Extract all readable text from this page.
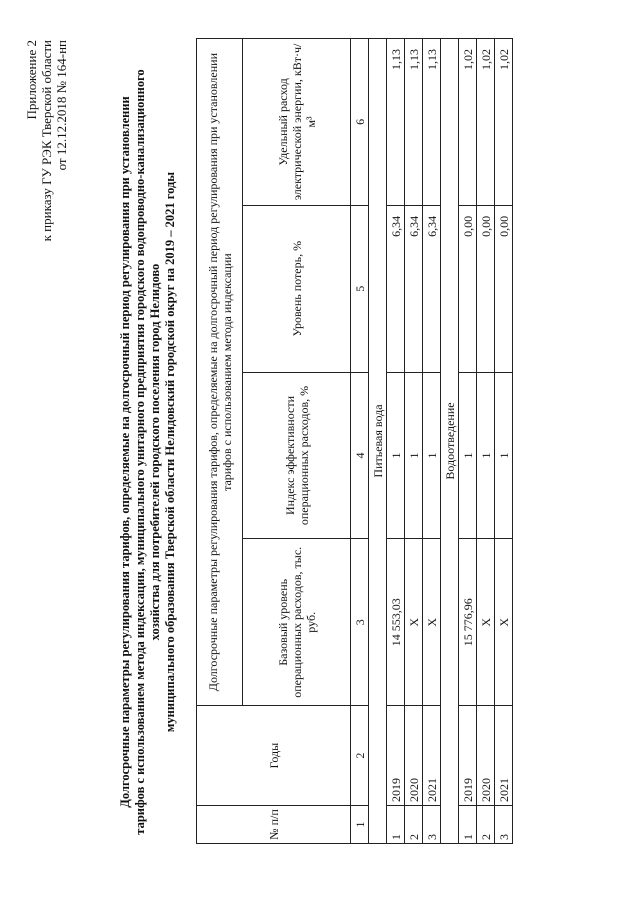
Приложение 2 к приказу ГУ РЭК Тверской области от 12.12.2018 № 164-нп	Долгосрочные параметры регулирования тарифов, определяемые на долгосрочный период регулирования при установлении тарифов с использованием метода индексации, муниципального унитарного предприятия городского водопроводно-канализационного хозяйства для потребителей городского поселения город Нелидово муниципального образования Тверской области Нелидовский городской округ на 2019 – 2021 годы
№ п/п	Годы	Долгосрочные параметры регулирования тарифов, определяемые на долгосрочный период регулирования при установлении тарифов с использованием метода индексации			
		Базовый уровень операционных расходов, тыс. руб.	Индекс эффективности операционных расходов, %	Уровень потерь, %	Удельный расход электрической энергии, кВт·ч/м³
1	2	3	4	5	6
Питьевая вода					
1	2019	14 553,03	1	6,34	1,13
2	2020	Х	1	6,34	1,13
3	2021	Х	1	6,34	1,13
Водоотведение					
1	2019	15 776,96	1	0,00	1,02
2	2020	Х	1	0,00	1,02
3	2021	Х	1	0,00	1,02
